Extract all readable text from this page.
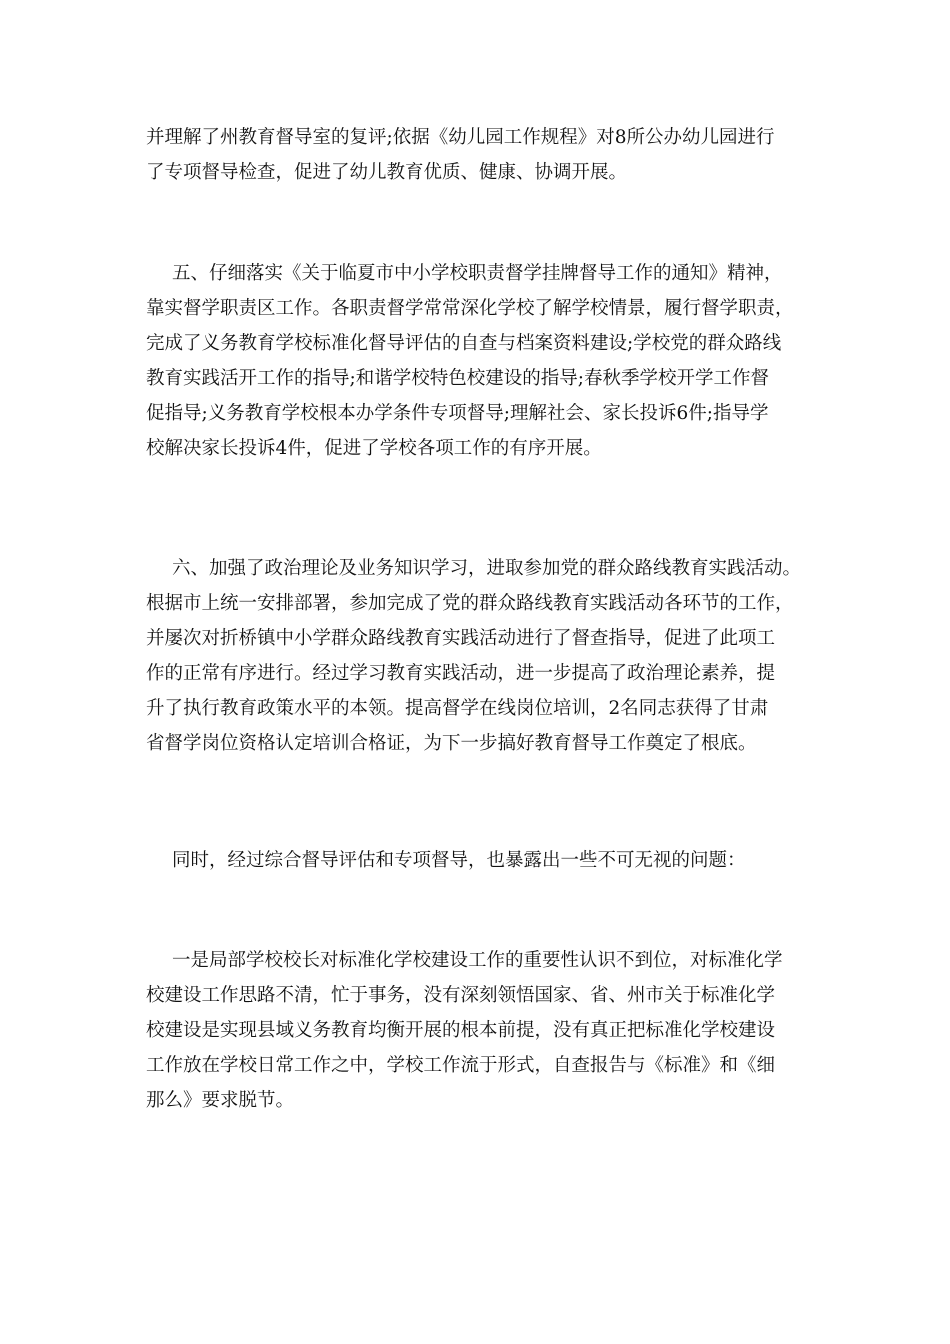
并理解了州教育督导室的复评;依据《幼儿园工作规程》对8所公办幼儿园进行
了专项督导检查，促进了幼儿教育优质、健康、协调开展。
五、仔细落实《关于临夏市中小学校职责督学挂牌督导工作的通知》精神，
靠实督学职责区工作。各职责督学常常深化学校了解学校情景，履行督学职责，
完成了义务教育学校标准化督导评估的自查与档案资料建设;学校党的群众路线
教育实践活开工作的指导;和谐学校特色校建设的指导;春秋季学校开学工作督
促指导;义务教育学校根本办学条件专项督导;理解社会、家长投诉6件;指导学
校解决家长投诉4件，促进了学校各项工作的有序开展。
六、加强了政治理论及业务知识学习，进取参加党的群众路线教育实践活动。
根据市上统一安排部署，参加完成了党的群众路线教育实践活动各环节的工作，
并屡次对折桥镇中小学群众路线教育实践活动进行了督查指导，促进了此项工
作的正常有序进行。经过学习教育实践活动，进一步提高了政治理论素养，提
升了执行教育政策水平的本领。提高督学在线岗位培训，2名同志获得了甘肃
省督学岗位资格认定培训合格证，为下一步搞好教育督导工作奠定了根底。
同时，经过综合督导评估和专项督导，也暴露出一些不可无视的问题：
一是局部学校校长对标准化学校建设工作的重要性认识不到位，对标准化学
校建设工作思路不清，忙于事务，没有深刻领悟国家、省、州市关于标准化学
校建设是实现县域义务教育均衡开展的根本前提，没有真正把标准化学校建设
工作放在学校日常工作之中，学校工作流于形式，自查报告与《标准》和《细
那么》要求脱节。
